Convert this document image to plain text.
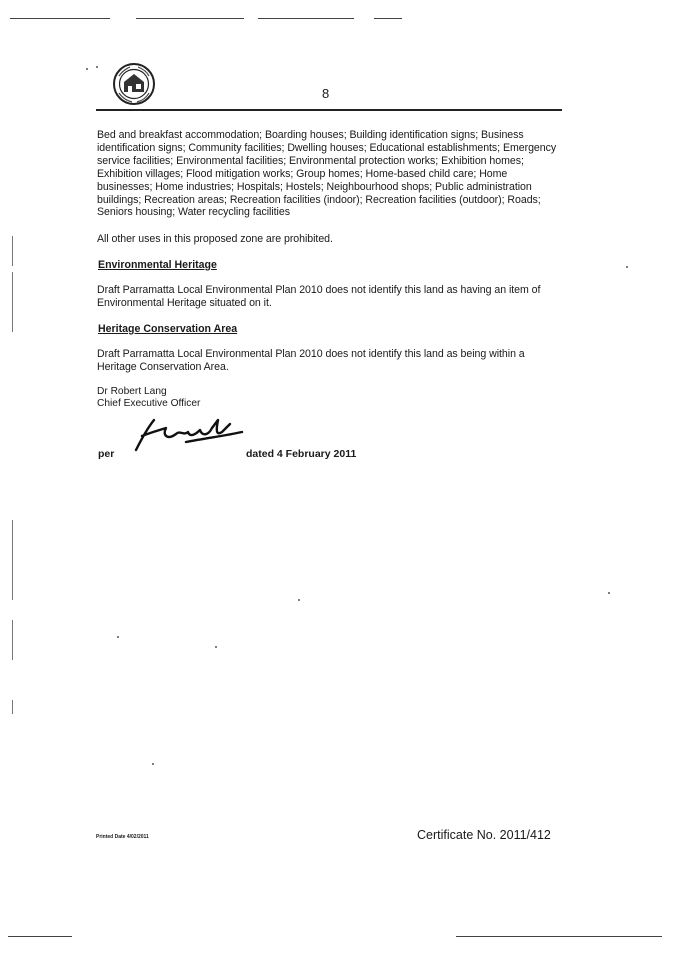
8
Bed and breakfast accommodation; Boarding houses; Building identification signs; Business identification signs; Community facilities; Dwelling houses; Educational establishments; Emergency service facilities; Environmental facilities; Environmental protection works; Exhibition homes; Exhibition villages; Flood mitigation works; Group homes; Home-based child care; Home businesses; Home industries; Hospitals; Hostels; Neighbourhood shops; Public administration buildings; Recreation areas; Recreation facilities (indoor); Recreation facilities (outdoor); Roads; Seniors housing; Water recycling facilities
All other uses in this proposed zone are prohibited.
Environmental Heritage
Draft Parramatta Local Environmental Plan 2010 does not identify this land as having an item of Environmental Heritage situated on it.
Heritage Conservation Area
Draft Parramatta Local Environmental Plan 2010 does not identify this land as being within a Heritage Conservation Area.
Dr Robert Lang
Chief Executive Officer
per	dated 4 February 2011
Printed Date 4/02/2011	Certificate No. 2011/412
